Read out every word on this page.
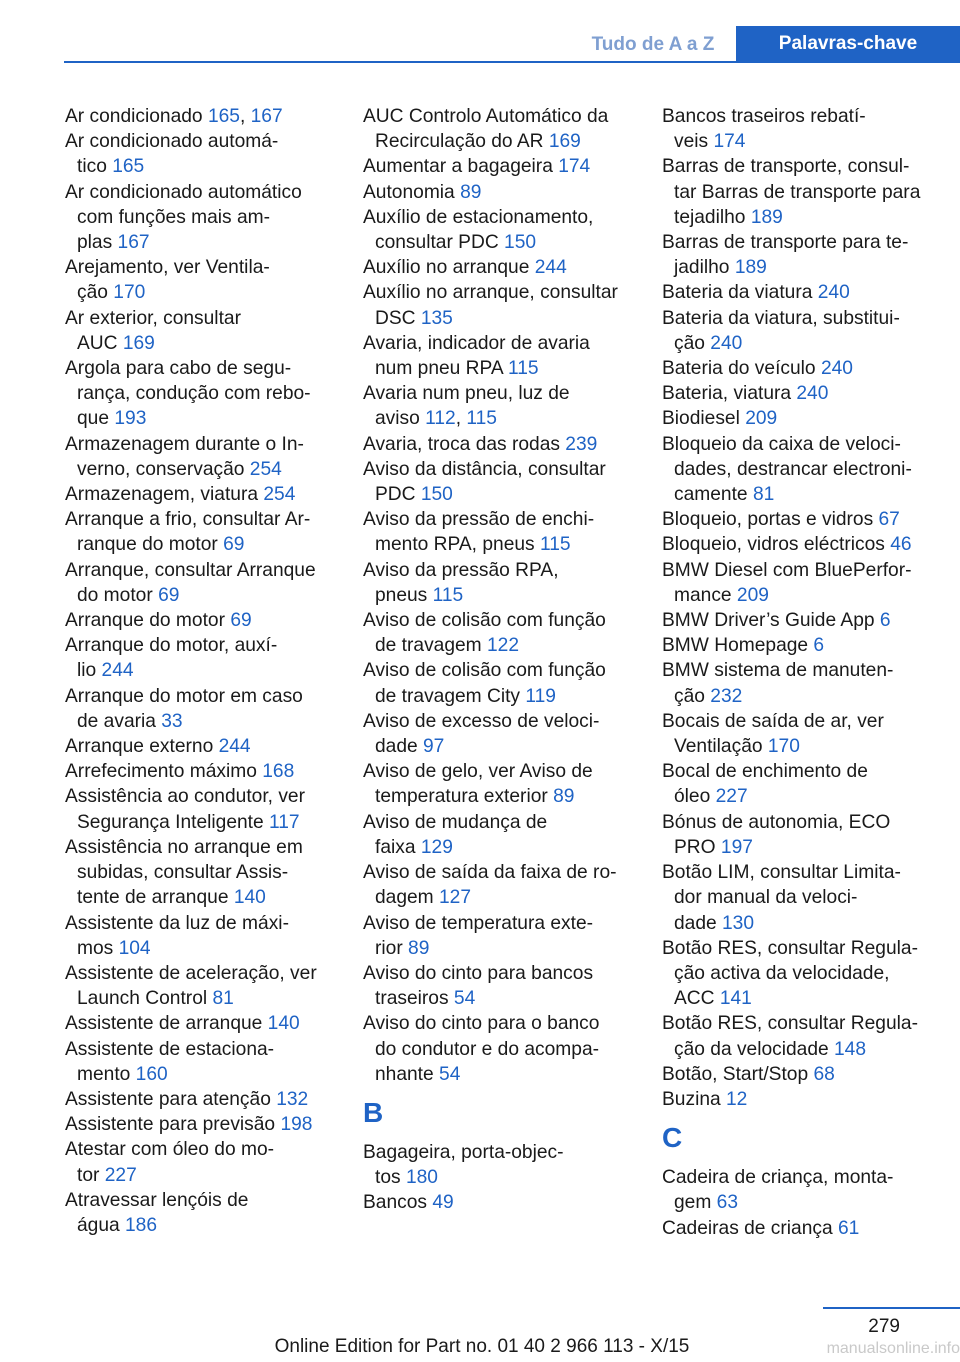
Tudo de A a Z	Palavras-chave
Ar condicionado 165, 167
Ar condicionado automá-
tico 165
Ar condicionado automático
com funções mais am-
plas 167
Arejamento, ver Ventila-
ção 170
Ar exterior, consultar
AUC 169
Argola para cabo de segu-
rança, condução com rebo-
que 193
Armazenagem durante o In-
verno, conservação 254
Armazenagem, viatura 254
Arranque a frio, consultar Ar-
ranque do motor 69
Arranque, consultar Arranque
do motor 69
Arranque do motor 69
Arranque do motor, auxí-
lio 244
Arranque do motor em caso
de avaria 33
Arranque externo 244
Arrefecimento máximo 168
Assistência ao condutor, ver
Segurança Inteligente 117
Assistência no arranque em
subidas, consultar Assis-
tente de arranque 140
Assistente da luz de máxi-
mos 104
Assistente de aceleração, ver
Launch Control 81
Assistente de arranque 140
Assistente de estaciona-
mento 160
Assistente para atenção 132
Assistente para previsão 198
Atestar com óleo do mo-
tor 227
Atravessar lençóis de
água 186
AUC Controlo Automático da
Recirculação do AR 169
Aumentar a bagageira 174
Autonomia 89
Auxílio de estacionamento,
consultar PDC 150
Auxílio no arranque 244
Auxílio no arranque, consultar
DSC 135
Avaria, indicador de avaria
num pneu RPA 115
Avaria num pneu, luz de
aviso 112, 115
Avaria, troca das rodas 239
Aviso da distância, consultar
PDC 150
Aviso da pressão de enchi-
mento RPA, pneus 115
Aviso da pressão RPA,
pneus 115
Aviso de colisão com função
de travagem 122
Aviso de colisão com função
de travagem City 119
Aviso de excesso de veloci-
dade 97
Aviso de gelo, ver Aviso de
temperatura exterior 89
Aviso de mudança de
faixa 129
Aviso de saída da faixa de ro-
dagem 127
Aviso de temperatura exte-
rior 89
Aviso do cinto para bancos
traseiros 54
Aviso do cinto para o banco
do condutor e do acompa-
nhante 54
B
Bagageira, porta-objec-
tos 180
Bancos 49
Bancos traseiros rebatí-
veis 174
Barras de transporte, consul-
tar Barras de transporte para
tejadilho 189
Barras de transporte para te-
jadilho 189
Bateria da viatura 240
Bateria da viatura, substitui-
ção 240
Bateria do veículo 240
Bateria, viatura 240
Biodiesel 209
Bloqueio da caixa de veloci-
dades, destrancar electroni-
camente 81
Bloqueio, portas e vidros 67
Bloqueio, vidros eléctricos 46
BMW Diesel com BluePerfor-
mance 209
BMW Driver’s Guide App 6
BMW Homepage 6
BMW sistema de manuten-
ção 232
Bocais de saída de ar, ver
Ventilação 170
Bocal de enchimento de
óleo 227
Bónus de autonomia, ECO
PRO 197
Botão LIM, consultar Limita-
dor manual da veloci-
dade 130
Botão RES, consultar Regula-
ção activa da velocidade,
ACC 141
Botão RES, consultar Regula-
ção da velocidade 148
Botão, Start/Stop 68
Buzina 12
C
Cadeira de criança, monta-
gem 63
Cadeiras de criança 61
279
Online Edition for Part no. 01 40 2 966 113 - X/15	manualsonline.info
